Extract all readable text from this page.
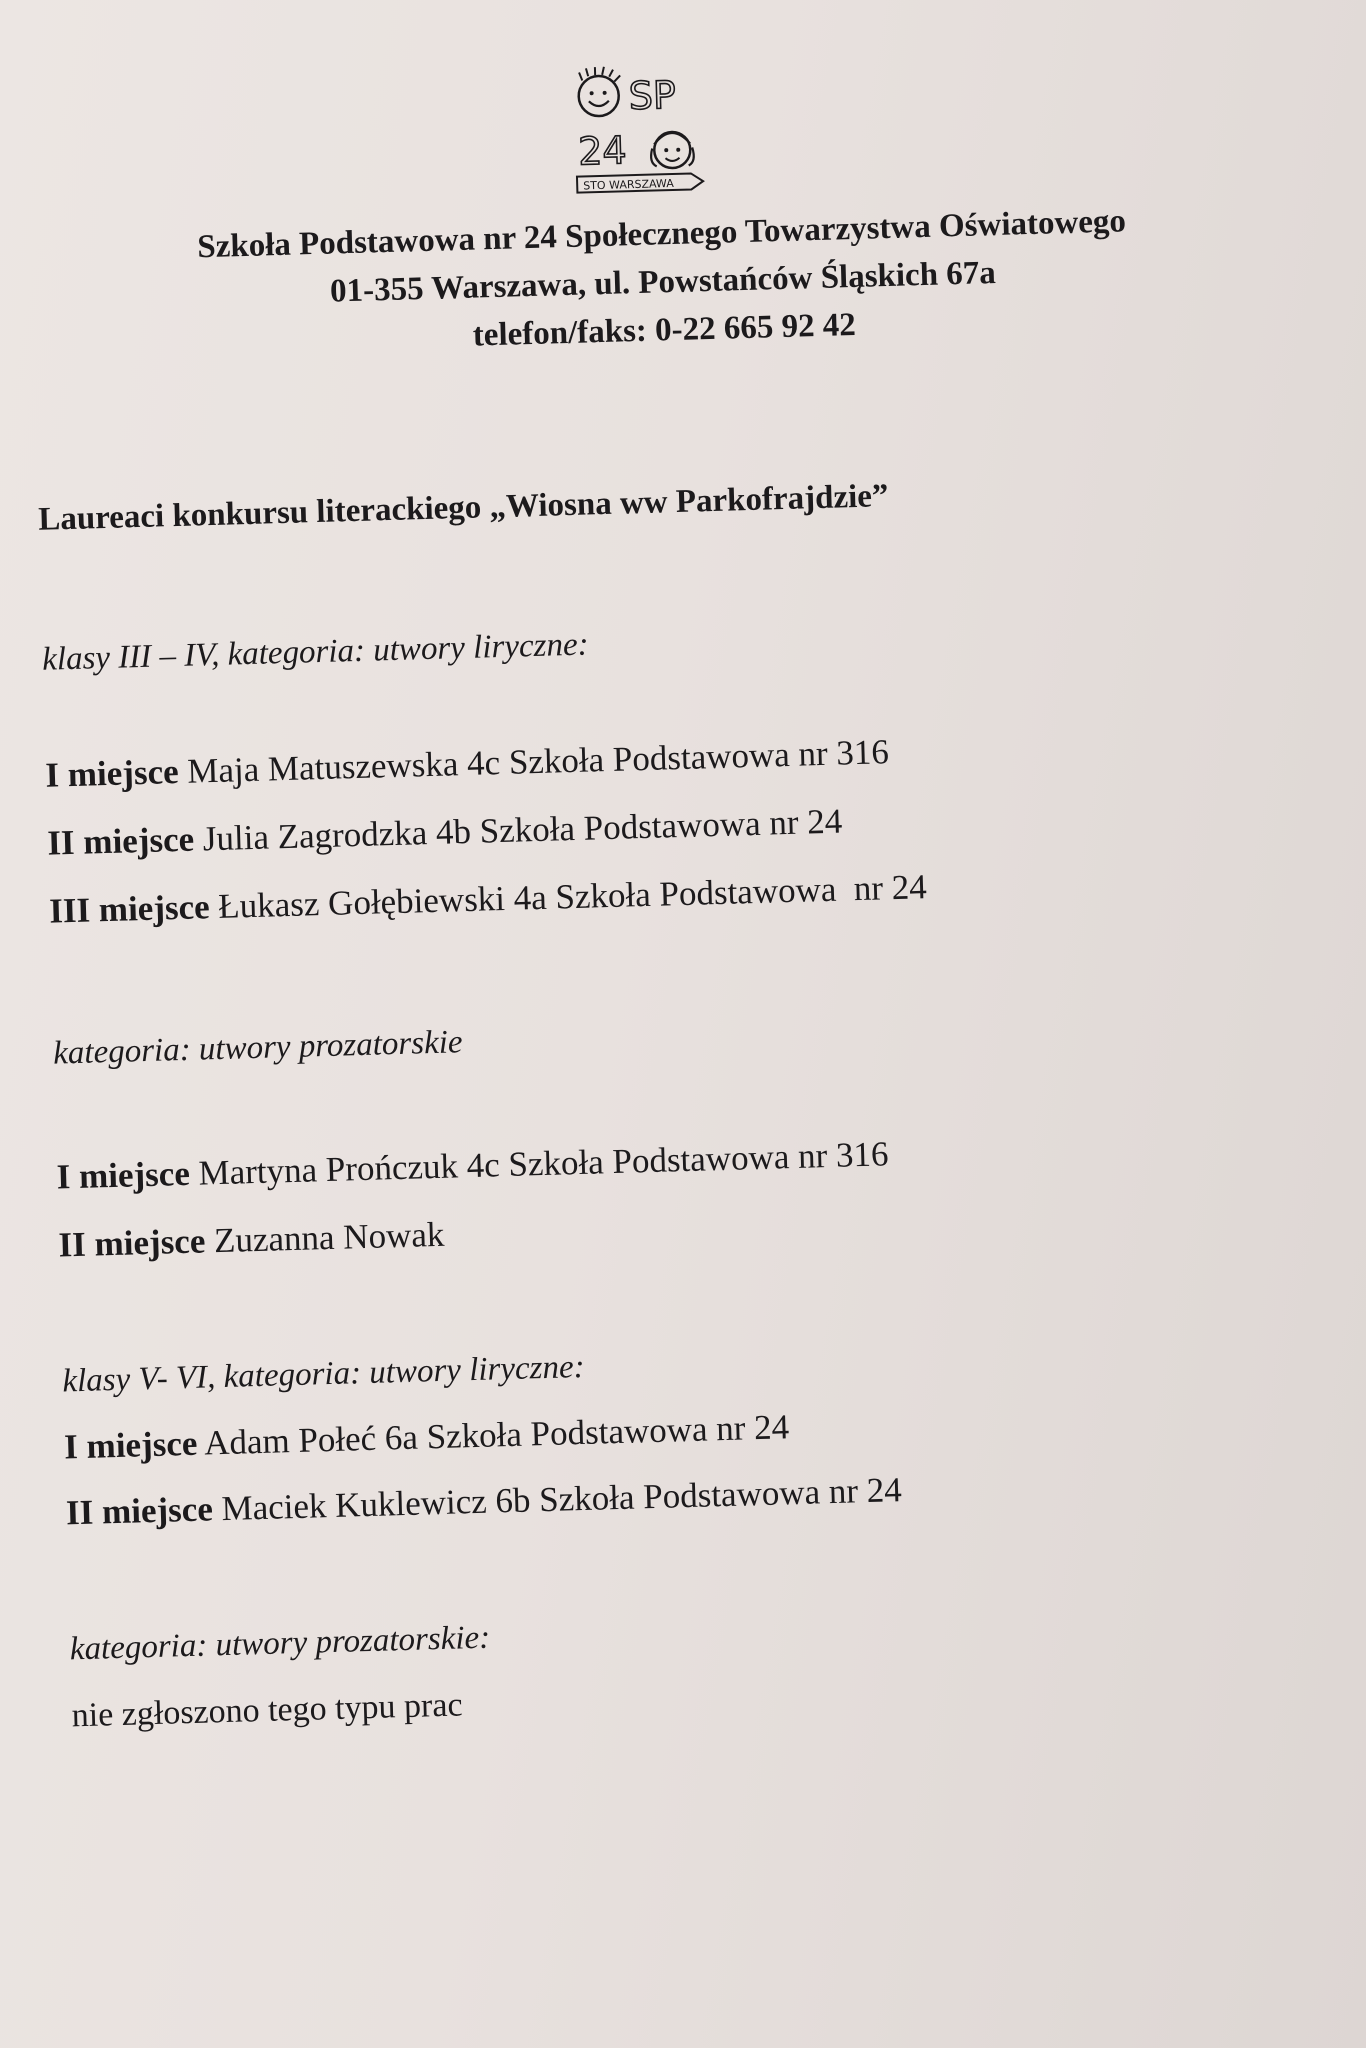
SP
24
STO WARSZAWA
Szkoła Podstawowa nr 24 Społecznego Towarzystwa Oświatowego
01-355 Warszawa, ul. Powstańców Śląskich 67a
telefon/faks: 0-22 665 92 42
Laureaci konkursu literackiego „Wiosna ww Parkofrajdzie”
klasy III – IV, kategoria: utwory liryczne:
I miejsce Maja Matuszewska 4c Szkoła Podstawowa nr 316
II miejsce Julia Zagrodzka 4b Szkoła Podstawowa nr 24
III miejsce Łukasz Gołębiewski 4a Szkoła Podstawowa  nr 24
kategoria: utwory prozatorskie
I miejsce Martyna Prończuk 4c Szkoła Podstawowa nr 316
II miejsce Zuzanna Nowak
klasy V- VI, kategoria: utwory liryczne:
I miejsce Adam Połeć 6a Szkoła Podstawowa nr 24
II miejsce Maciek Kuklewicz 6b Szkoła Podstawowa nr 24
kategoria: utwory prozatorskie:
nie zgłoszono tego typu prac
